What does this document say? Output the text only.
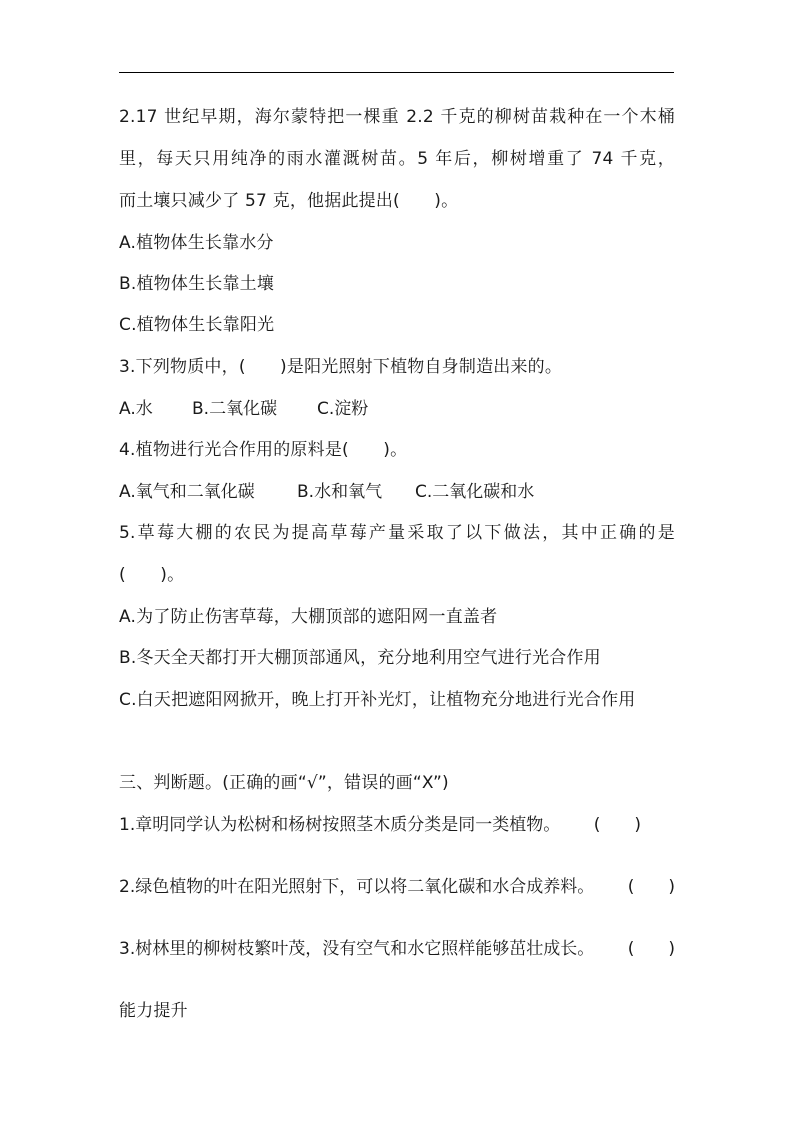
2.17 世纪早期，海尔蒙特把一棵重 2.2 千克的柳树苗栽种在一个木桶
里，每天只用纯净的雨水灌溉树苗。5 年后，柳树增重了 74 千克，
而土壤只减少了 57 克，他据此提出(　　)。
A.植物体生长靠水分
B.植物体生长靠土壤
C.植物体生长靠阳光
3.下列物质中，(　　)是阳光照射下植物自身制造出来的。
A.水 B.二氧化碳 C.淀粉
4.植物进行光合作用的原料是(　　)。
A.氧气和二氧化碳 B.水和氧气 C.二氧化碳和水
5.草莓大棚的农民为提高草莓产量采取了以下做法，其中正确的是
(　　)。
A.为了防止伤害草莓，大棚顶部的遮阳网一直盖者
B.冬天全天都打开大棚顶部通风，充分地利用空气进行光合作用
C.白天把遮阳网掀开，晚上打开补光灯，让植物充分地进行光合作用
三、判断题。(正确的画“√”，错误的画“X”)
1.章明同学认为松树和杨树按照茎木质分类是同一类植物。 (　　)
2.绿色植物的叶在阳光照射下，可以将二氧化碳和水合成养料。 (　　)
3.树林里的柳树枝繁叶茂，没有空气和水它照样能够茁壮成长。 (　　)
能力提升
